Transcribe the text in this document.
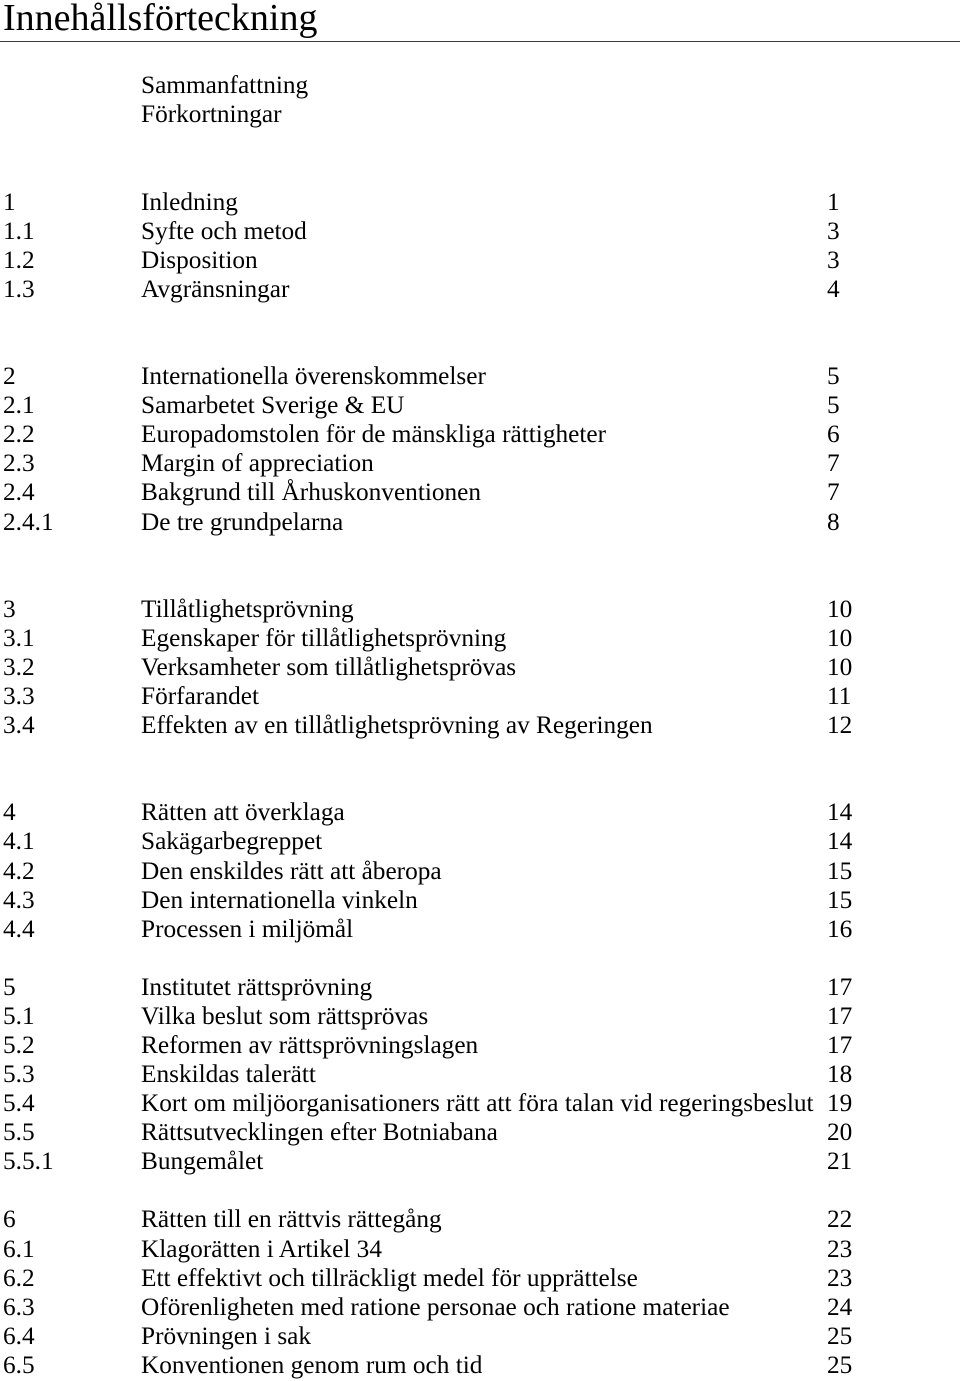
Innehållsförteckning
Sammanfattning
Förkortningar
1	Inledning	1
1.1	Syfte och metod	3
1.2	Disposition	3
1.3	Avgränsningar	4
2	Internationella överenskommelser	5
2.1	Samarbetet Sverige & EU	5
2.2	Europadomstolen för de mänskliga rättigheter	6
2.3	Margin of appreciation	7
2.4	Bakgrund till Århuskonventionen	7
2.4.1	De tre grundpelarna	8
3	Tillåtlighetsprövning	10
3.1	Egenskaper för tillåtlighetsprövning	10
3.2	Verksamheter som tillåtlighetsprövas	10
3.3	Förfarandet	11
3.4	Effekten av en tillåtlighetsprövning av Regeringen	12
4	Rätten att överklaga	14
4.1	Sakägarbegreppet	14
4.2	Den enskildes rätt att åberopa	15
4.3	Den internationella vinkeln	15
4.4	Processen i miljömål	16
5	Institutet rättsprövning	17
5.1	Vilka beslut som rättsprövas	17
5.2	Reformen av rättsprövningslagen	17
5.3	Enskildas talerätt	18
5.4	Kort om miljöorganisationers rätt att föra talan vid regeringsbeslut 19
5.5	Rättsutvecklingen efter Botniabana	20
5.5.1	Bungemålet	21
6	Rätten till en rättvis rättegång	22
6.1	Klagorätten i Artikel 34	23
6.2	Ett effektivt och tillräckligt medel för upprättelse	23
6.3	Oförenligheten med ratione personae och ratione materiae	24
6.4	Prövningen i sak	25
6.5	Konventionen genom rum och tid	25
